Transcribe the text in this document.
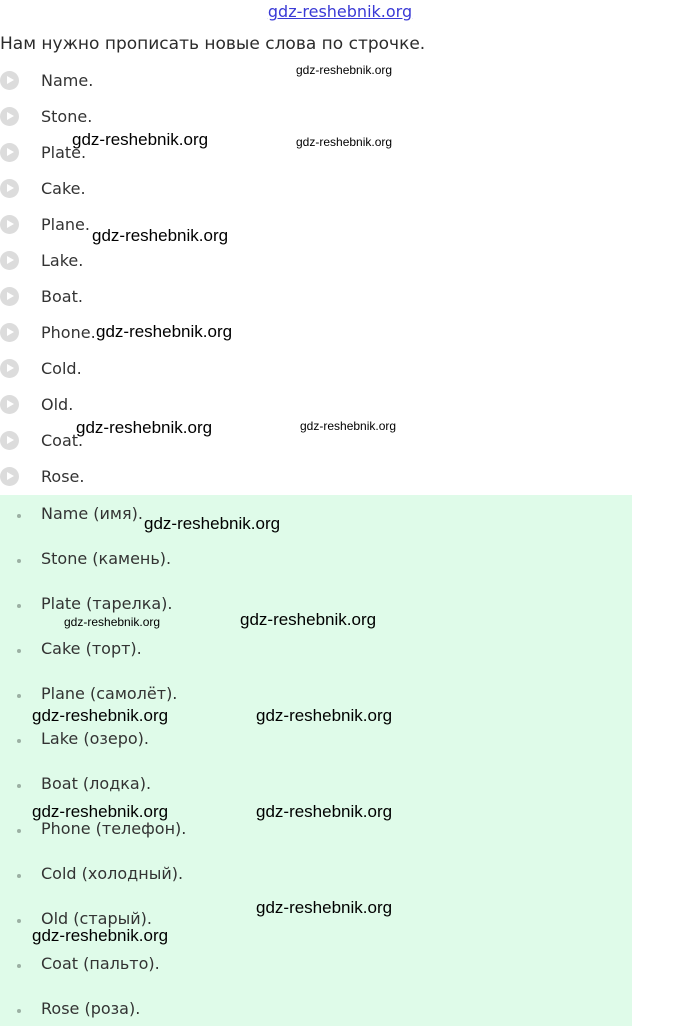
gdz-reshebnik.org
Нам нужно прописать новые слова по строчке.
Name.
Stone.
Plate.
Cake.
Plane.
Lake.
Boat.
Phone.
Cold.
Old.
Coat.
Rose.
Name (имя).
Stone (камень).
Plate (тарелка).
Cake (торт).
Plane (самолёт).
Lake (озеро).
Boat (лодка).
Phone (телефон).
Cold (холодный).
Old (старый).
Coat (пальто).
Rose (роза).
gdz-reshebnik.org
gdz-reshebnik.org	gdz-reshebnik.org
gdz-reshebnik.org
gdz-reshebnik.org
gdz-reshebnik.org	gdz-reshebnik.org
gdz-reshebnik.org
gdz-reshebnik.org	gdz-reshebnik.org
gdz-reshebnik.org	gdz-reshebnik.org
gdz-reshebnik.org	gdz-reshebnik.org
gdz-reshebnik.org
gdz-reshebnik.org
